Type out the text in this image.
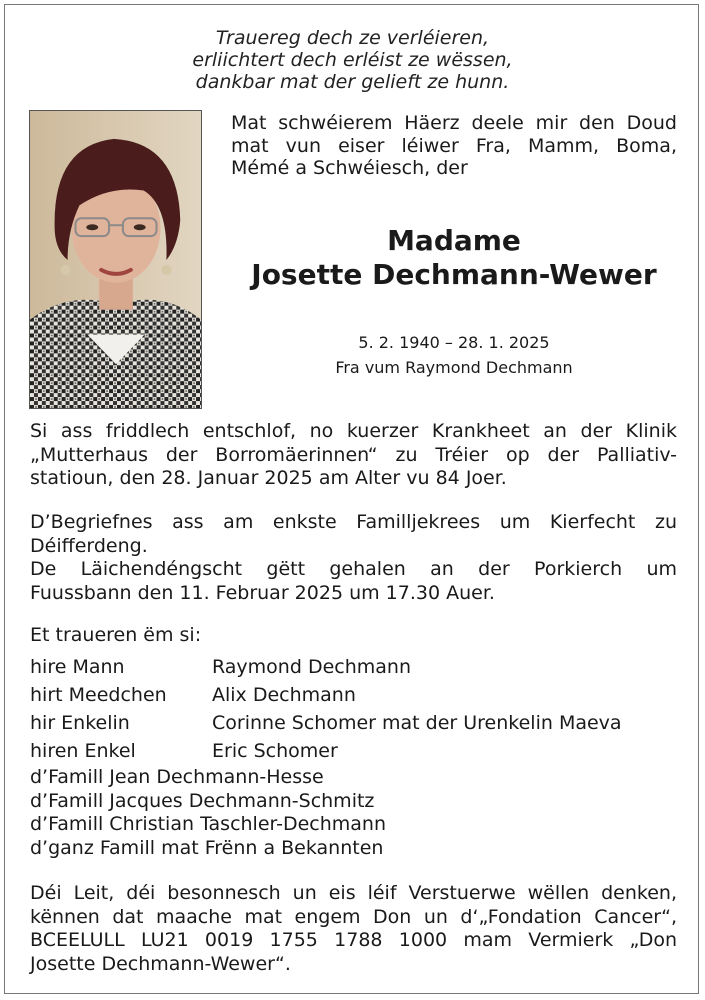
Trauereg dech ze verléieren,
erliichtert dech erléist ze wëssen,
dankbar mat der gelieft ze hunn.
Mat schwéierem Häerz deele mir den Doud
mat vun eiser léiwer Fra, Mamm, Boma,
Mémé a Schwéiesch, der
Madame
Josette Dechmann-Wewer
5. 2. 1940 – 28. 1. 2025
Fra vum Raymond Dechmann
Si ass friddlech entschlof, no kuerzer Krankheet an der Klinik
„Mutterhaus der Borromäerinnen“ zu Tréier op der Palliativ-
statioun, den 28. Januar 2025 am Alter vu 84 Joer.
D’Begriefnes ass am enkste Familljekrees um Kierfecht zu
Déifferdeng.
De Läichendéngscht gëtt gehalen an der Porkierch um
Fuussbann den 11. Februar 2025 um 17.30 Auer.
Et traueren ëm si:
hire Mann	Raymond Dechmann
hirt Meedchen	Alix Dechmann
hir Enkelin	Corinne Schomer mat der Urenkelin Maeva
hiren Enkel	Eric Schomer
d’Famill Jean Dechmann-Hesse
d’Famill Jacques Dechmann-Schmitz
d’Famill Christian Taschler-Dechmann
d’ganz Famill mat Frënn a Bekannten
Déi Leit, déi besonnesch un eis léif Verstuerwe wëllen denken,
kënnen dat maache mat engem Don un d‘„Fondation Cancer“,
BCEELULL LU21 0019 1755 1788 1000 mam Vermierk „Don
Josette Dechmann-Wewer“.
